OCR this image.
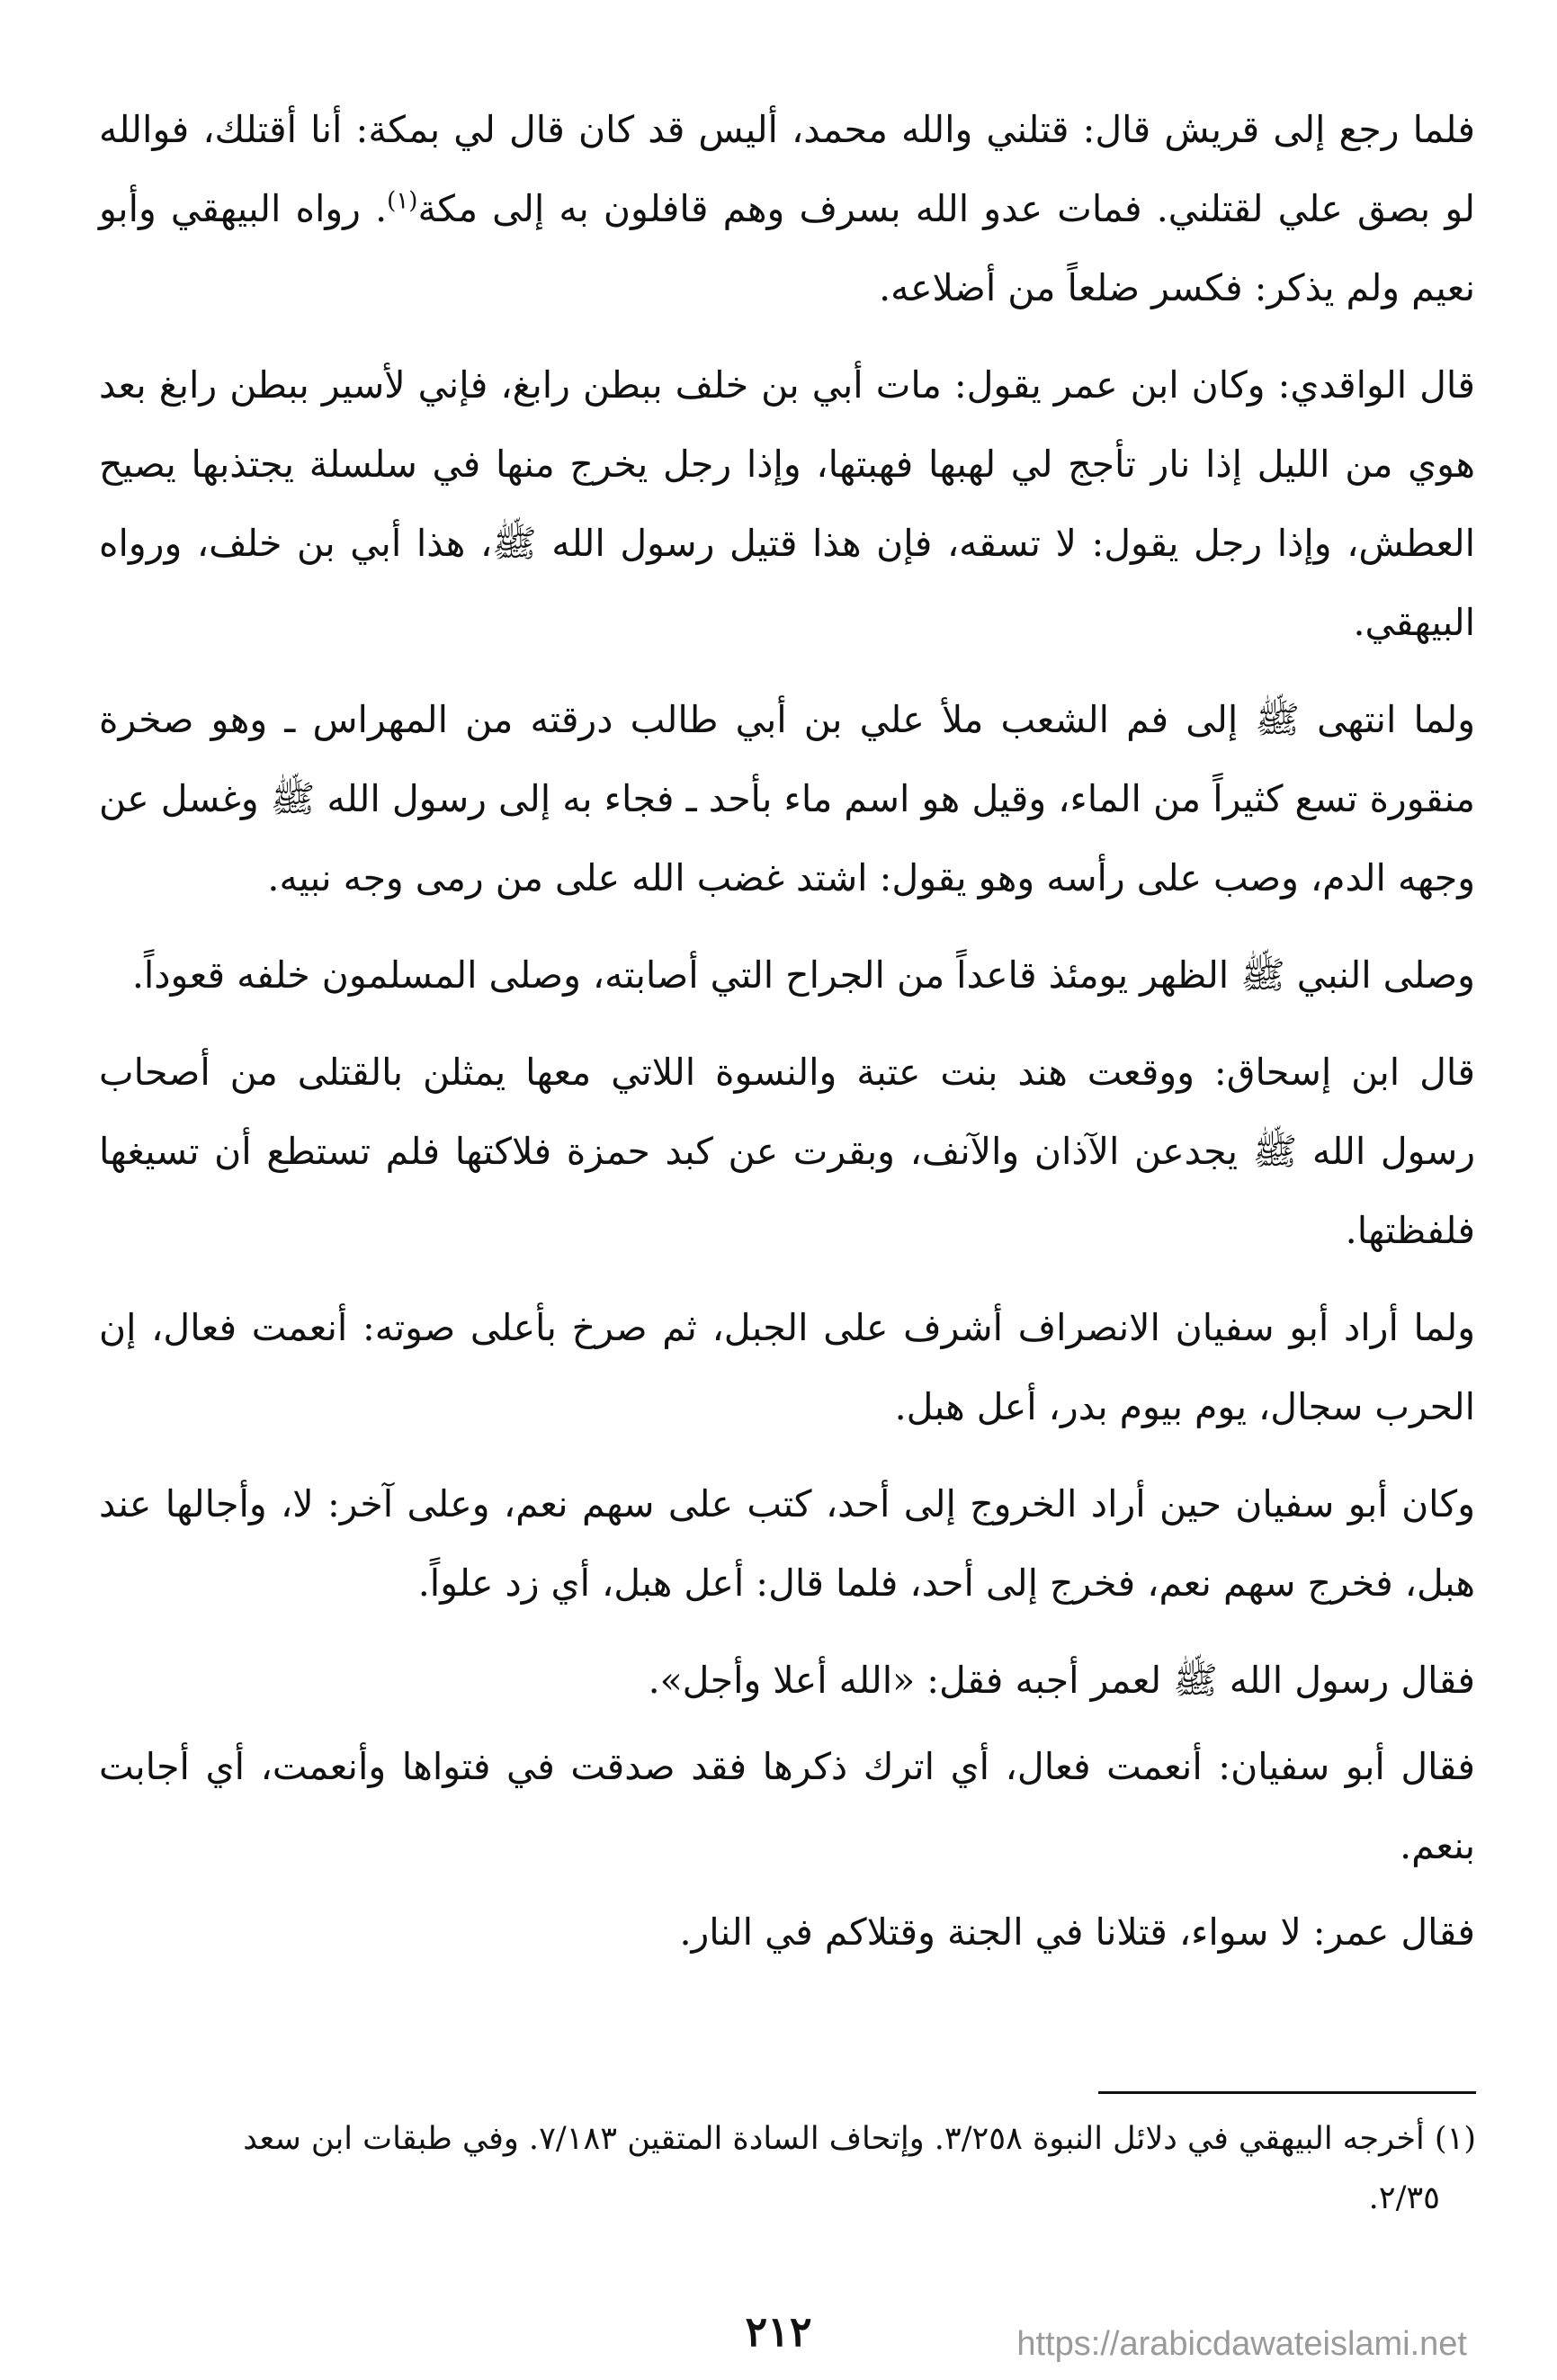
فلما رجع إلى قريش قال: قتلني والله محمد، أليس قد كان قال لي بمكة: أنا أقتلك، فوالله لو بصق علي لقتلني. فمات عدو الله بسرف وهم قافلون به إلى مكة$^{(١)}$. رواه البيهقي وأبو نعيم ولم يذكر: فكسر ضلعاً من أضلاعه.

قال الواقدي: وكان ابن عمر يقول: مات أبي بن خلف ببطن رابغ، فإني لأسير ببطن رابغ بعد هوي من الليل إذا نار تأجج لي لهبها فهبتها، وإذا رجل يخرج منها في سلسلة يجتذبها يصيح العطش، وإذا رجل يقول: لا تسقه، فإن هذا قتيل رسول الله ﷺ، هذا أبي بن خلف، ورواه البيهقي.

ولما انتهى ﷺ إلى فم الشعب ملأ علي بن أبي طالب درقته من المهراس ـ وهو صخرة منقورة تسع كثيراً من الماء، وقيل هو اسم ماء بأحد ـ فجاء به إلى رسول الله ﷺ وغسل عن وجهه الدم، وصب على رأسه وهو يقول: اشتد غضب الله على من رمى وجه نبيه.

وصلى النبي ﷺ الظهر يومئذ قاعداً من الجراح التي أصابته، وصلى المسلمون خلفه قعوداً.

قال ابن إسحاق: ووقعت هند بنت عتبة والنسوة اللاتي معها يمثلن بالقتلى من أصحاب رسول الله ﷺ يجدعن الآذان والآنف، وبقرت عن كبد حمزة فلاكتها فلم تستطع أن تسيغها فلفظتها.

ولما أراد أبو سفيان الانصراف أشرف على الجبل، ثم صرخ بأعلى صوته: أنعمت فعال، إن الحرب سجال، يوم بيوم بدر، أعل هبل.

وكان أبو سفيان حين أراد الخروج إلى أحد، كتب على سهم نعم، وعلى آخر: لا، وأجالها عند هبل، فخرج سهم نعم، فخرج إلى أحد، فلما قال: أعل هبل، أي زد علواً.

فقال رسول الله ﷺ لعمر أجبه فقل: «الله أعلا وأجل».

فقال أبو سفيان: أنعمت فعال، أي اترك ذكرها فقد صدقت في فتواها وأنعمت، أي أجابت بنعم.

فقال عمر: لا سواء، قتلانا في الجنة وقتلاكم في النار.

(١) أخرجه البيهقي في دلائل النبوة ٣/٢٥٨. وإتحاف السادة المتقين ٧/١٨٣. وفي طبقات ابن سعد
٢/٣٥.
٢١٢	https://arabicdawateislami.net
